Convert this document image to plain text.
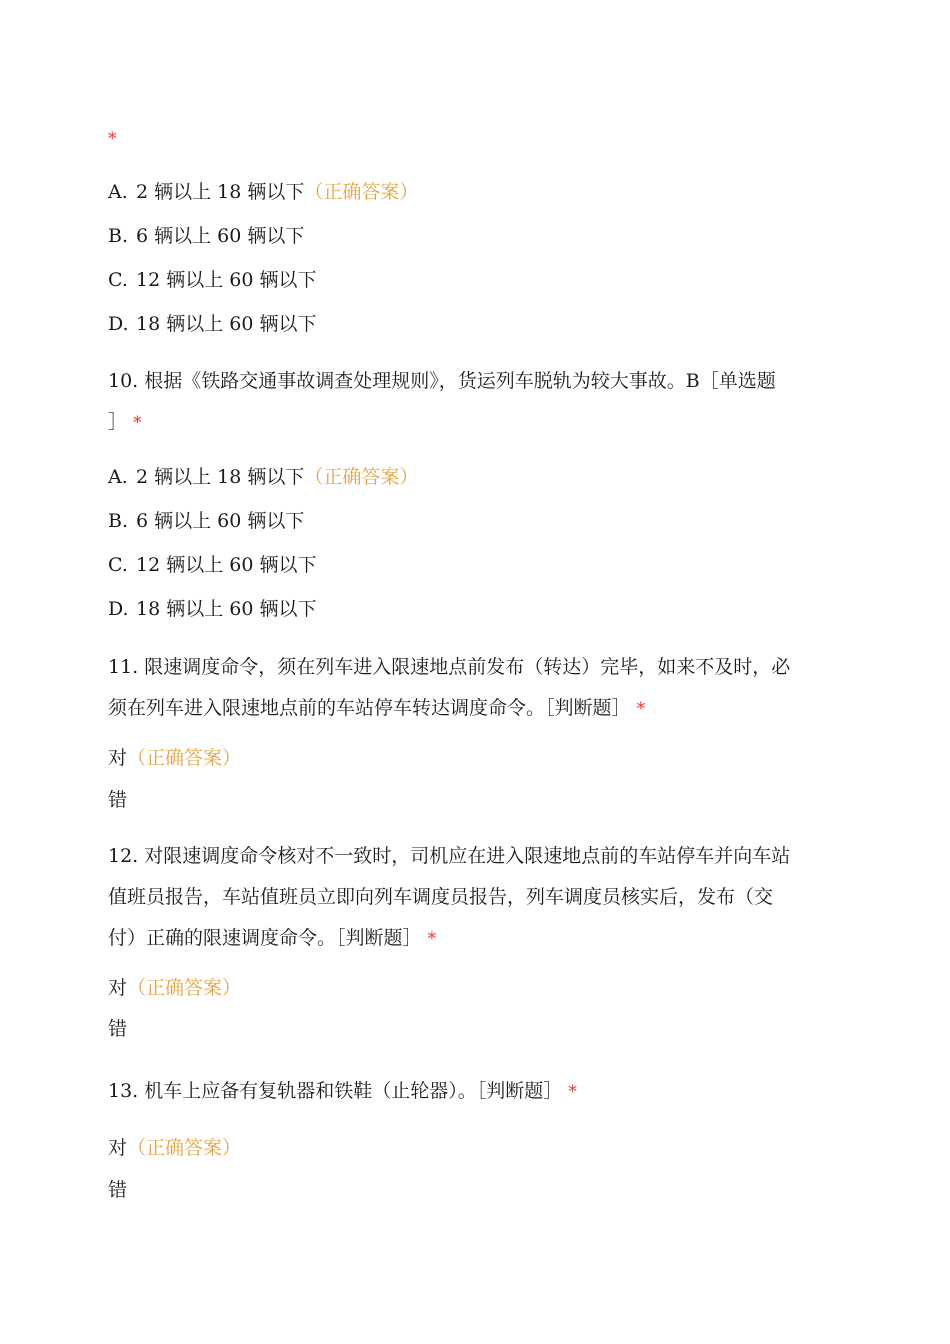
*
A. 2 辆以上 18 辆以下（正确答案）
B. 6 辆以上 60 辆以下
C. 12 辆以上 60 辆以下
D. 18 辆以上 60 辆以下
10. 根据《铁路交通事故调查处理规则》，货运列车脱轨为较大事故。B［单选题
］ *
A. 2 辆以上 18 辆以下（正确答案）
B. 6 辆以上 60 辆以下
C. 12 辆以上 60 辆以下
D. 18 辆以上 60 辆以下
11. 限速调度命令，须在列车进入限速地点前发布（转达）完毕，如来不及时，必
须在列车进入限速地点前的车站停车转达调度命令。［判断题］ *
对（正确答案）
错
12. 对限速调度命令核对不一致时，司机应在进入限速地点前的车站停车并向车站
值班员报告，车站值班员立即向列车调度员报告，列车调度员核实后，发布（交
付）正确的限速调度命令。［判断题］ *
对（正确答案）
错
13. 机车上应备有复轨器和铁鞋（止轮器）。［判断题］ *
对（正确答案）
错
